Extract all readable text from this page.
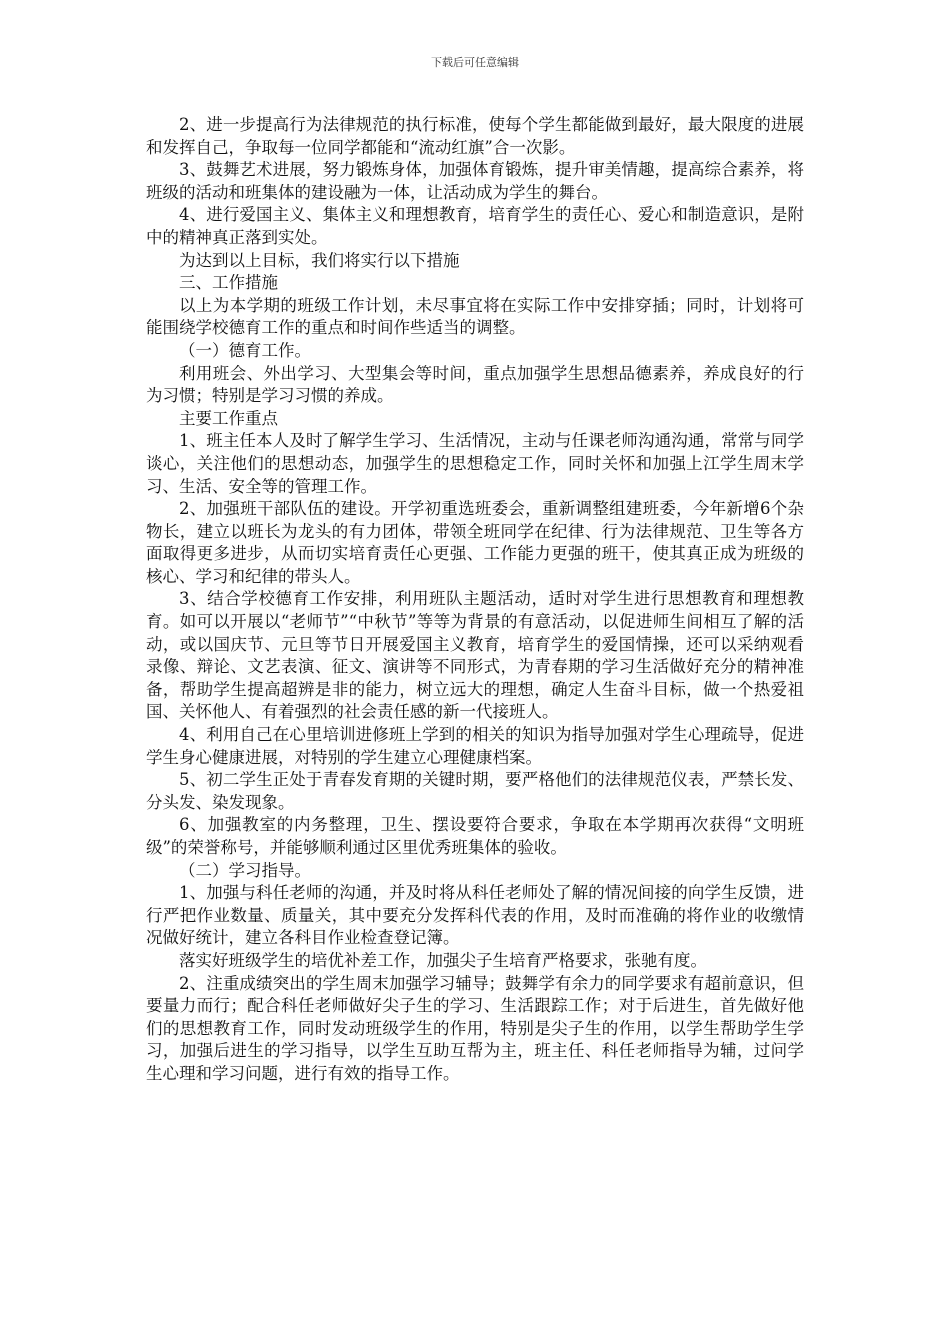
下载后可任意编辑

2、进一步提高行为法律规范的执行标准，使每个学生都能做到最好，最大限度的进展和发挥自己，争取每一位同学都能和“流动红旗”合一次影。

3、鼓舞艺术进展，努力锻炼身体，加强体育锻炼，提升审美情趣，提高综合素养，将班级的活动和班集体的建设融为一体，让活动成为学生的舞台。

4、进行爱国主义、集体主义和理想教育，培育学生的责任心、爱心和制造意识，是附中的精神真正落到实处。

为达到以上目标，我们将实行以下措施

三、工作措施

以上为本学期的班级工作计划，未尽事宜将在实际工作中安排穿插；同时，计划将可能围绕学校德育工作的重点和时间作些适当的调整。

（一）德育工作。

利用班会、外出学习、大型集会等时间，重点加强学生思想品德素养，养成良好的行为习惯；特别是学习习惯的养成。

主要工作重点

1、班主任本人及时了解学生学习、生活情况，主动与任课老师沟通沟通，常常与同学谈心，关注他们的思想动态，加强学生的思想稳定工作，同时关怀和加强上江学生周末学习、生活、安全等的管理工作。

2、加强班干部队伍的建设。开学初重选班委会，重新调整组建班委，今年新增6个杂物长，建立以班长为龙头的有力团体，带领全班同学在纪律、行为法律规范、卫生等各方面取得更多进步，从而切实培育责任心更强、工作能力更强的班干，使其真正成为班级的核心、学习和纪律的带头人。

3、结合学校德育工作安排，利用班队主题活动，适时对学生进行思想教育和理想教育。如可以开展以“老师节”“中秋节”等等为背景的有意活动，以促进师生间相互了解的活动，或以国庆节、元旦等节日开展爱国主义教育，培育学生的爱国情操，还可以采纳观看录像、辩论、文艺表演、征文、演讲等不同形式，为青春期的学习生活做好充分的精神准备，帮助学生提高超辨是非的能力，树立远大的理想，确定人生奋斗目标，做一个热爱祖国、关怀他人、有着强烈的社会责任感的新一代接班人。

4、利用自己在心里培训进修班上学到的相关的知识为指导加强对学生心理疏导，促进学生身心健康进展，对特别的学生建立心理健康档案。

5、初二学生正处于青春发育期的关键时期，要严格他们的法律规范仪表，严禁长发、分头发、染发现象。

6、加强教室的内务整理，卫生、摆设要符合要求，争取在本学期再次获得“文明班级”的荣誉称号，并能够顺利通过区里优秀班集体的验收。

（二）学习指导。

1、加强与科任老师的沟通，并及时将从科任老师处了解的情况间接的向学生反馈，进行严把作业数量、质量关，其中要充分发挥科代表的作用，及时而准确的将作业的收缴情况做好统计，建立各科目作业检查登记簿。

落实好班级学生的培优补差工作，加强尖子生培育严格要求，张驰有度。

2、注重成绩突出的学生周末加强学习辅导；鼓舞学有余力的同学要求有超前意识，但要量力而行；配合科任老师做好尖子生的学习、生活跟踪工作；对于后进生，首先做好他们的思想教育工作，同时发动班级学生的作用，特别是尖子生的作用，以学生帮助学生学习，加强后进生的学习指导，以学生互助互帮为主，班主任、科任老师指导为辅，过问学生心理和学习问题，进行有效的指导工作。
